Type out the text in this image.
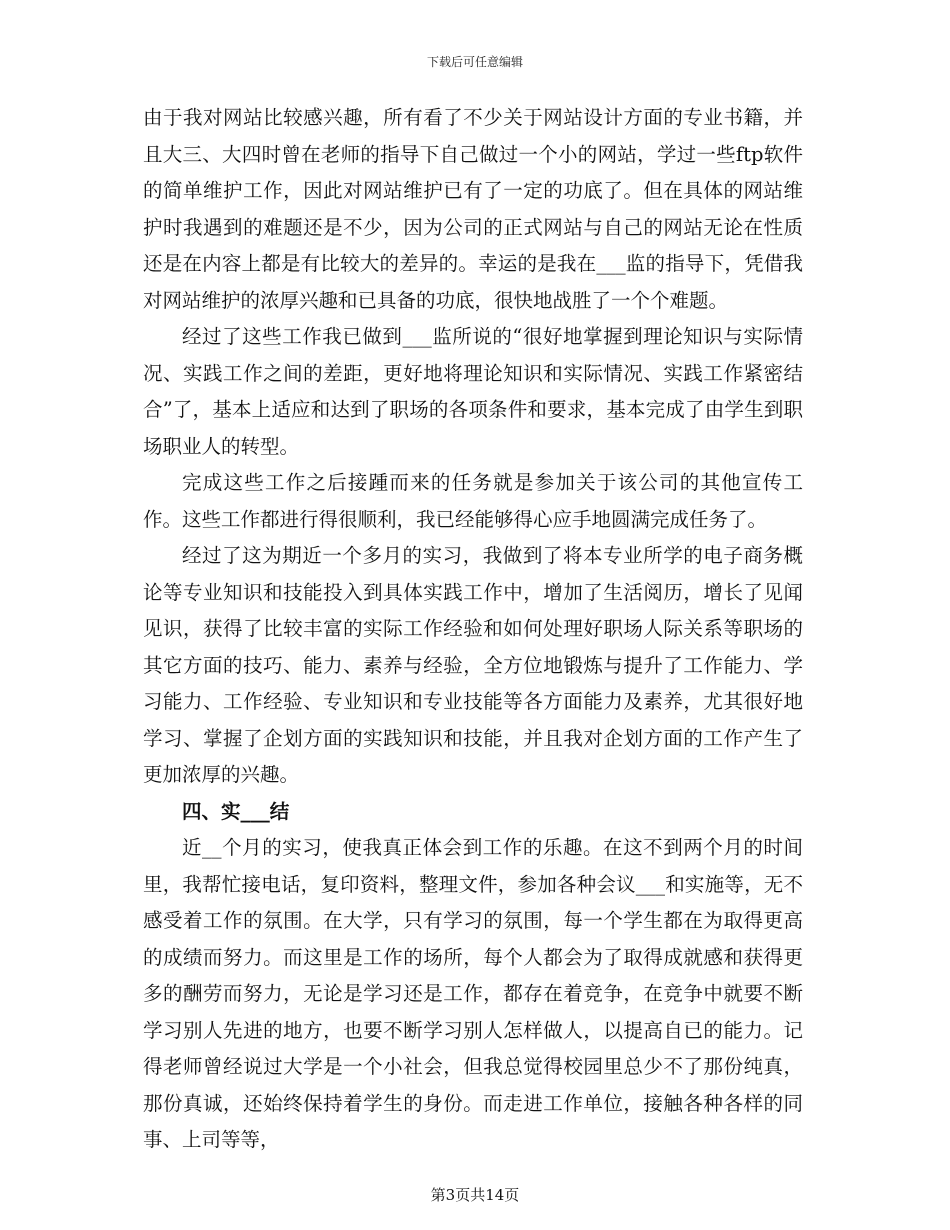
下载后可任意编辑

由于我对网站比较感兴趣，所有看了不少关于网站设计方面的专业书籍，并且大三、大四时曾在老师的指导下自己做过一个小的网站，学过一些ftp软件的简单维护工作，因此对网站维护已有了一定的功底了。但在具体的网站维护时我遇到的难题还是不少，因为公司的正式网站与自己的网站无论在性质还是在内容上都是有比较大的差异的。幸运的是我在___监的指导下，凭借我对网站维护的浓厚兴趣和已具备的功底，很快地战胜了一个个难题。

经过了这些工作我已做到___监所说的“很好地掌握到理论知识与实际情况、实践工作之间的差距，更好地将理论知识和实际情况、实践工作紧密结合”了，基本上适应和达到了职场的各项条件和要求，基本完成了由学生到职场职业人的转型。

完成这些工作之后接踵而来的任务就是参加关于该公司的其他宣传工作。这些工作都进行得很顺利，我已经能够得心应手地圆满完成任务了。

经过了这为期近一个多月的实习，我做到了将本专业所学的电子商务概论等专业知识和技能投入到具体实践工作中，增加了生活阅历，增长了见闻见识，获得了比较丰富的实际工作经验和如何处理好职场人际关系等职场的其它方面的技巧、能力、素养与经验，全方位地锻炼与提升了工作能力、学习能力、工作经验、专业知识和专业技能等各方面能力及素养，尤其很好地学习、掌握了企划方面的实践知识和技能，并且我对企划方面的工作产生了更加浓厚的兴趣。

四、实___结

近__个月的实习，使我真正体会到工作的乐趣。在这不到两个月的时间里，我帮忙接电话，复印资料，整理文件，参加各种会议___和实施等，无不感受着工作的氛围。在大学，只有学习的氛围，每一个学生都在为取得更高的成绩而努力。而这里是工作的场所，每个人都会为了取得成就感和获得更多的酬劳而努力，无论是学习还是工作，都存在着竞争，在竞争中就要不断学习别人先进的地方，也要不断学习别人怎样做人，以提高自已的能力。记得老师曾经说过大学是一个小社会，但我总觉得校园里总少不了那份纯真，那份真诚，还始终保持着学生的身份。而走进工作单位，接触各种各样的同事、上司等等，

第3页共14页
